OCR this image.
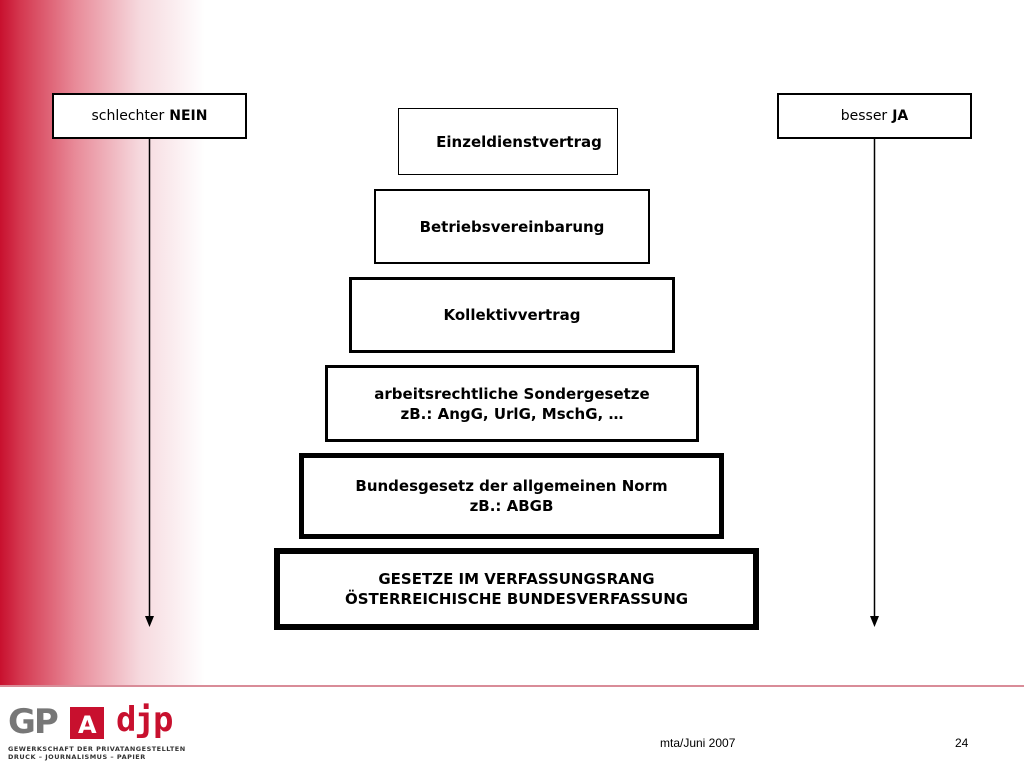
schlechter NEIN	besser JA
Einzeldienstvertrag
Betriebsvereinbarung
Kollektivvertrag
arbeitsrechtliche Sondergesetze
zB.: AngG, UrlG, MschG, …
Bundesgesetz der allgemeinen Norm
zB.: ABGB
GESETZE IM VERFASSUNGSRANG
ÖSTERREICHISCHE BUNDESVERFASSUNG
GP A djp
GEWERKSCHAFT DER PRIVATANGESTELLTEN
DRUCK – JOURNALISMUS – PAPIER
mta/Juni 2007	24
